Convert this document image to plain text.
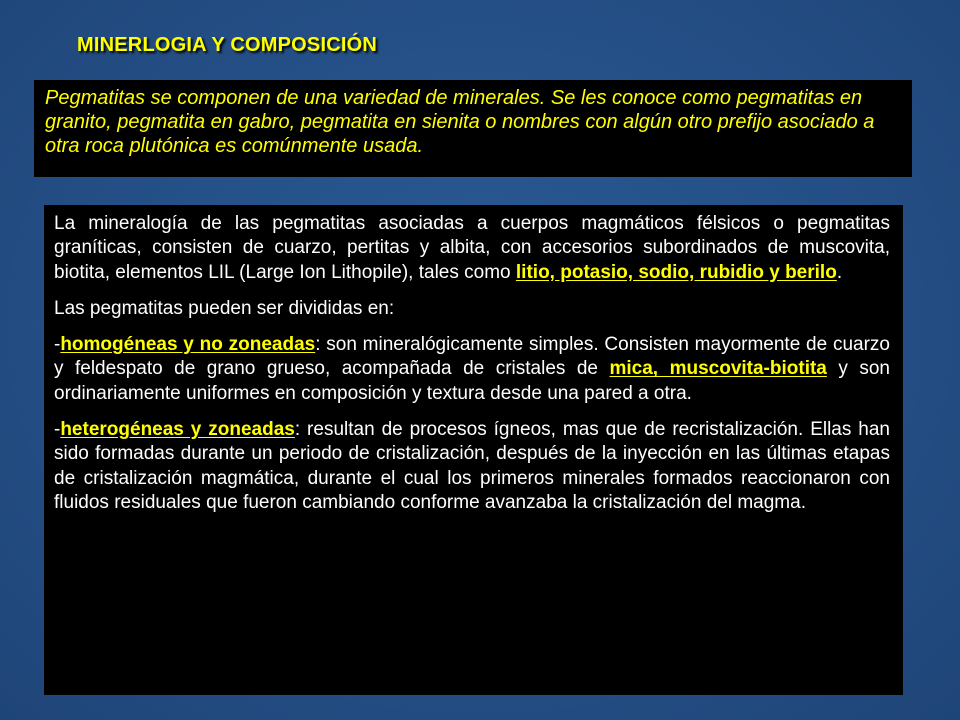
MINERLOGIA Y COMPOSICIÓN

Pegmatitas se componen de una variedad de minerales. Se les conoce como pegmatitas en granito, pegmatita en gabro, pegmatita en sienita o nombres con algún otro prefijo asociado a otra roca plutónica es comúnmente usada.

La mineralogía de las pegmatitas asociadas a cuerpos magmáticos félsicos o pegmatitas graníticas, consisten de cuarzo, pertitas y albita, con accesorios subordinados de muscovita, biotita, elementos LIL (Large Ion Lithopile), tales como litio, potasio, sodio, rubidio y berilo.

Las pegmatitas pueden ser divididas en:

-homogéneas y no zoneadas: son mineralógicamente simples. Consisten mayormente de cuarzo y feldespato de grano grueso, acompañada de cristales de mica, muscovita-biotita y son ordinariamente uniformes en composición y textura desde una pared a otra.

-heterogéneas y zoneadas: resultan de procesos ígneos, mas que de recristalización. Ellas han sido formadas durante un periodo de cristalización, después de la inyección en las últimas etapas de cristalización magmática, durante el cual los primeros minerales formados reaccionaron con fluidos residuales que fueron cambiando conforme avanzaba la cristalización del magma.
